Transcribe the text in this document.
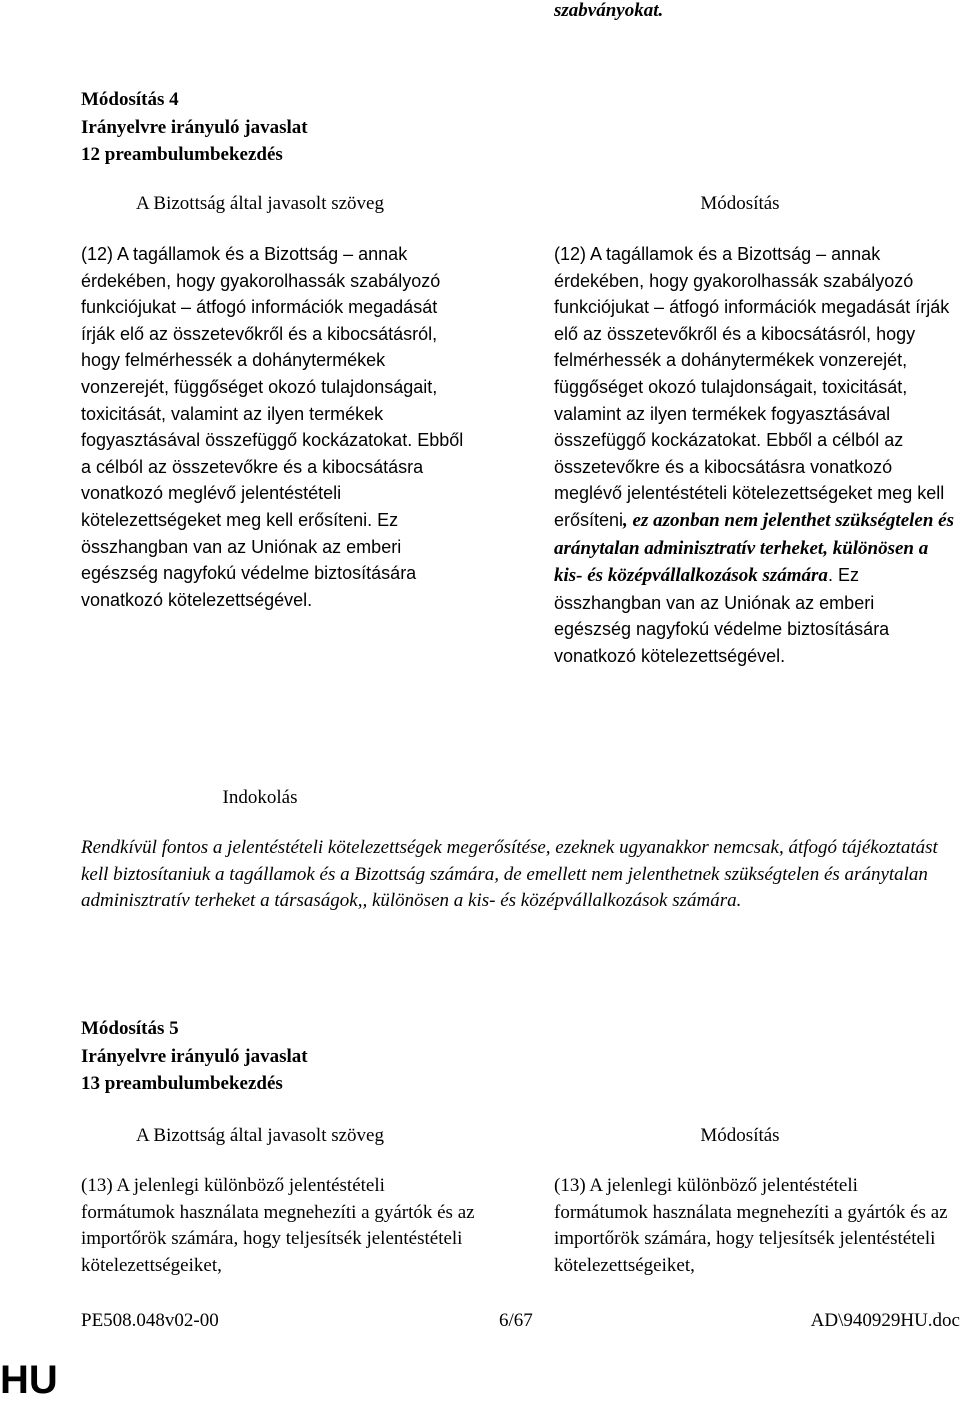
szabványokat.
Módosítás 4
Irányelvre irányuló javaslat
12 preambulumbekezdés
A Bizottság által javasolt szöveg	Módosítás
(12) A tagállamok és a Bizottság – annak érdekében, hogy gyakorolhassák szabályozó funkciójukat – átfogó információk megadását írják elő az összetevőkről és a kibocsátásról, hogy felmérhessék a dohánytermékek vonzerejét, függőséget okozó tulajdonságait, toxicitását, valamint az ilyen termékek fogyasztásával összefüggő kockázatokat. Ebből a célból az összetevőkre és a kibocsátásra vonatkozó meglévő jelentéstételi kötelezettségeket meg kell erősíteni. Ez összhangban van az Uniónak az emberi egészség nagyfokú védelme biztosítására vonatkozó kötelezettségével.
(12) A tagállamok és a Bizottság – annak érdekében, hogy gyakorolhassák szabályozó funkciójukat – átfogó információk megadását írják elő az összetevőkről és a kibocsátásról, hogy felmérhessék a dohánytermékek vonzerejét, függőséget okozó tulajdonságait, toxicitását, valamint az ilyen termékek fogyasztásával összefüggő kockázatokat. Ebből a célból az összetevőkre és a kibocsátásra vonatkozó meglévő jelentéstételi kötelezettségeket meg kell erősíteni, ez azonban nem jelenthet szükségtelen és aránytalan adminisztratív terheket, különösen a kis- és középvállalkozások számára. Ez összhangban van az Uniónak az emberi egészség nagyfokú védelme biztosítására vonatkozó kötelezettségével.
Indokolás
Rendkívül fontos a jelentéstételi kötelezettségek megerősítése, ezeknek ugyanakkor nemcsak, átfogó tájékoztatást kell biztosítaniuk a tagállamok és a Bizottság számára, de emellett nem jelenthetnek szükségtelen és aránytalan adminisztratív terheket a társaságok,, különösen a kis- és középvállalkozások számára.
Módosítás 5
Irányelvre irányuló javaslat
13 preambulumbekezdés
A Bizottság által javasolt szöveg	Módosítás
(13) A jelenlegi különböző jelentéstételi formátumok használata megnehezíti a gyártók és az importőrök számára, hogy teljesítsék jelentéstételi kötelezettségeiket,
(13) A jelenlegi különböző jelentéstételi formátumok használata megnehezíti a gyártók és az importőrök számára, hogy teljesítsék jelentéstételi kötelezettségeiket,
PE508.048v02-00	6/67	AD\940929HU.doc
HU
